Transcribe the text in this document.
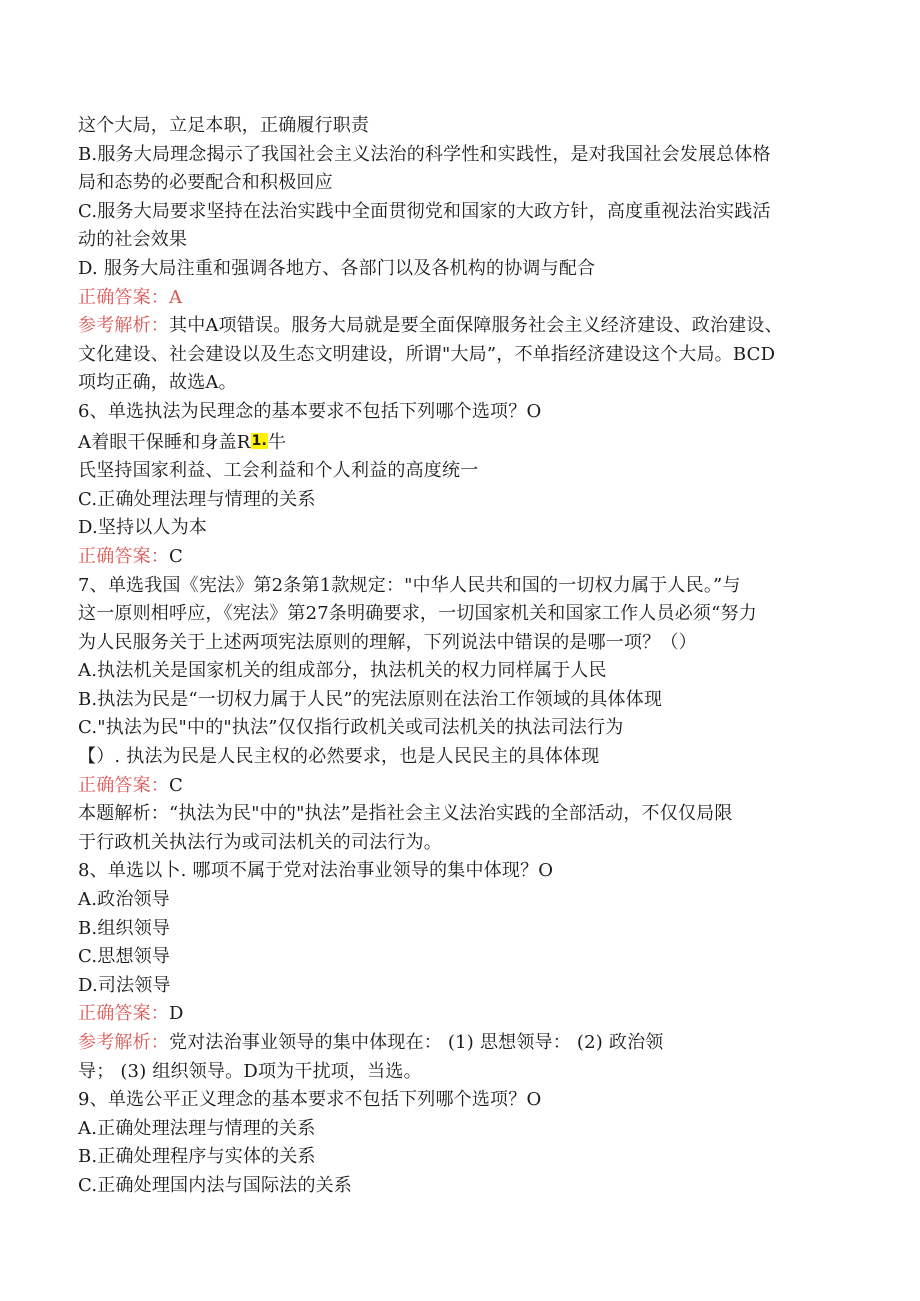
这个大局，立足本职，正确履行职责
B.服务大局理念揭示了我国社会主义法治的科学性和实践性，是对我国社会发展总体格
局和态势的必要配合和积极回应
C.服务大局要求坚持在法治实践中全面贯彻党和国家的大政方针，高度重视法治实践活
动的社会效果
D. 服务大局注重和强调各地方、各部门以及各机构的协调与配合
正确答案：A
参考解析：其中A项错误。服务大局就是要全面保障服务社会主义经济建设、政治建设、
文化建设、社会建设以及生态文明建设，所谓"大局”，不单指经济建设这个大局。BCD
项均正确，故选A。
6、单选执法为民理念的基本要求不包括下列哪个选项？O
A着眼干保睡和身盖R1.牛
氏坚持国家利益、工会利益和个人利益的高度统一
C.正确处理法理与情理的关系
D.坚持以人为本
正确答案：C
7、单选我国《宪法》第2条第1款规定："中华人民共和国的一切权力属于人民。”与
这一原则相呼应，《宪法》第27条明确要求，一切国家机关和国家工作人员必须“努力
为人民服务关于上述两项宪法原则的理解，下列说法中错误的是哪一项？（）
A.执法机关是国家机关的组成部分，执法机关的权力同样属于人民
B.执法为民是“一切权力属于人民”的宪法原则在法治工作领域的具体体现
C."执法为民"中的"执法”仅仅指行政机关或司法机关的执法司法行为
【）. 执法为民是人民主权的必然要求，也是人民民主的具体体现
正确答案：C
本题解析：“执法为民"中的"执法”是指社会主义法治实践的全部活动，不仅仅局限
于行政机关执法行为或司法机关的司法行为。
8、单选以卜. 哪项不属于党对法治事业领导的集中体现？O
A.政治领导
B.组织领导
C.思想领导
D.司法领导
正确答案：D
参考解析：党对法治事业领导的集中体现在： (1) 思想领导： (2) 政治领
导； (3) 组织领导。D项为干扰项，当选。
9、单选公平正义理念的基本要求不包括下列哪个选项？O
A.正确处理法理与情理的关系
B.正确处理程序与实体的关系
C.正确处理国内法与国际法的关系
